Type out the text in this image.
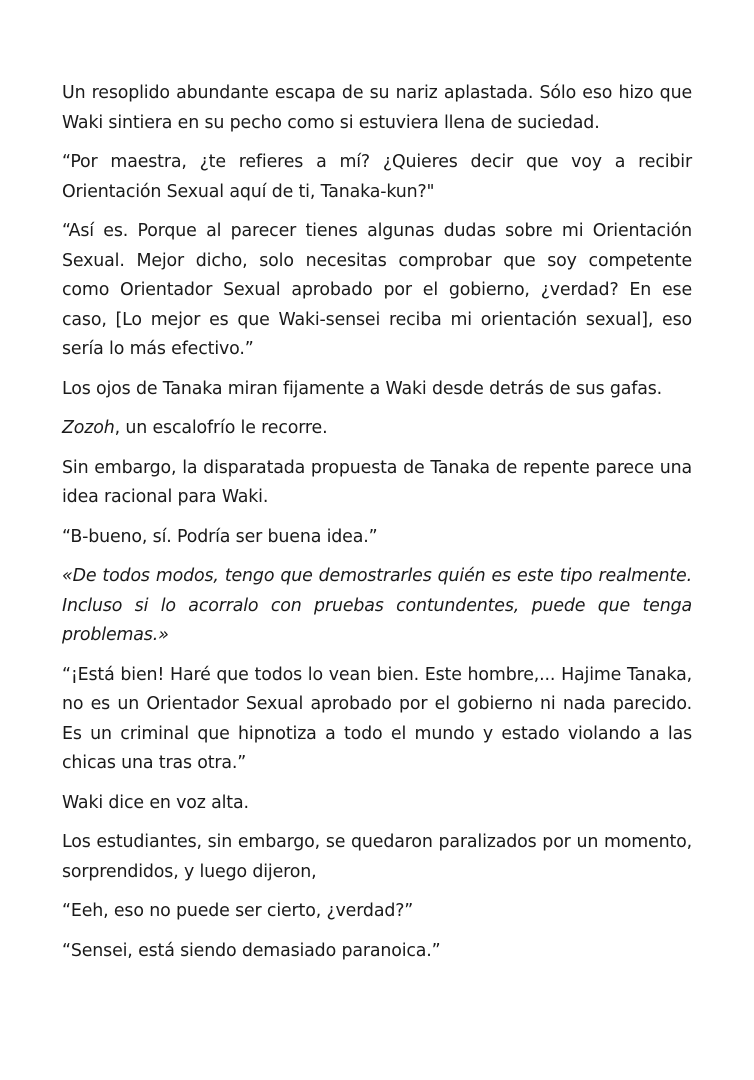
Un resoplido abundante escapa de su nariz aplastada. Sólo eso hizo que Waki sintiera en su pecho como si estuviera llena de suciedad.

“Por maestra, ¿te refieres a mí? ¿Quieres decir que voy a recibir Orientación Sexual aquí de ti, Tanaka-kun?"

“Así es. Porque al parecer tienes algunas dudas sobre mi Orientación Sexual. Mejor dicho, solo necesitas comprobar que soy competente como Orientador Sexual aprobado por el gobierno, ¿verdad? En ese caso, [Lo mejor es que Waki-sensei reciba mi orientación sexual], eso sería lo más efectivo.”

Los ojos de Tanaka miran fijamente a Waki desde detrás de sus gafas.

Zozoh, un escalofrío le recorre.

Sin embargo, la disparatada propuesta de Tanaka de repente parece una idea racional para Waki.

“B-bueno, sí. Podría ser buena idea.”

«De todos modos, tengo que demostrarles quién es este tipo realmente. Incluso si lo acorralo con pruebas contundentes, puede que tenga problemas.»

“¡Está bien! Haré que todos lo vean bien. Este hombre,... Hajime Tanaka, no es un Orientador Sexual aprobado por el gobierno ni nada parecido. Es un criminal que hipnotiza a todo el mundo y estado violando a las chicas una tras otra.”

Waki dice en voz alta.

Los estudiantes, sin embargo, se quedaron paralizados por un momento, sorprendidos, y luego dijeron,

“Eeh, eso no puede ser cierto, ¿verdad?”

“Sensei, está siendo demasiado paranoica.”
